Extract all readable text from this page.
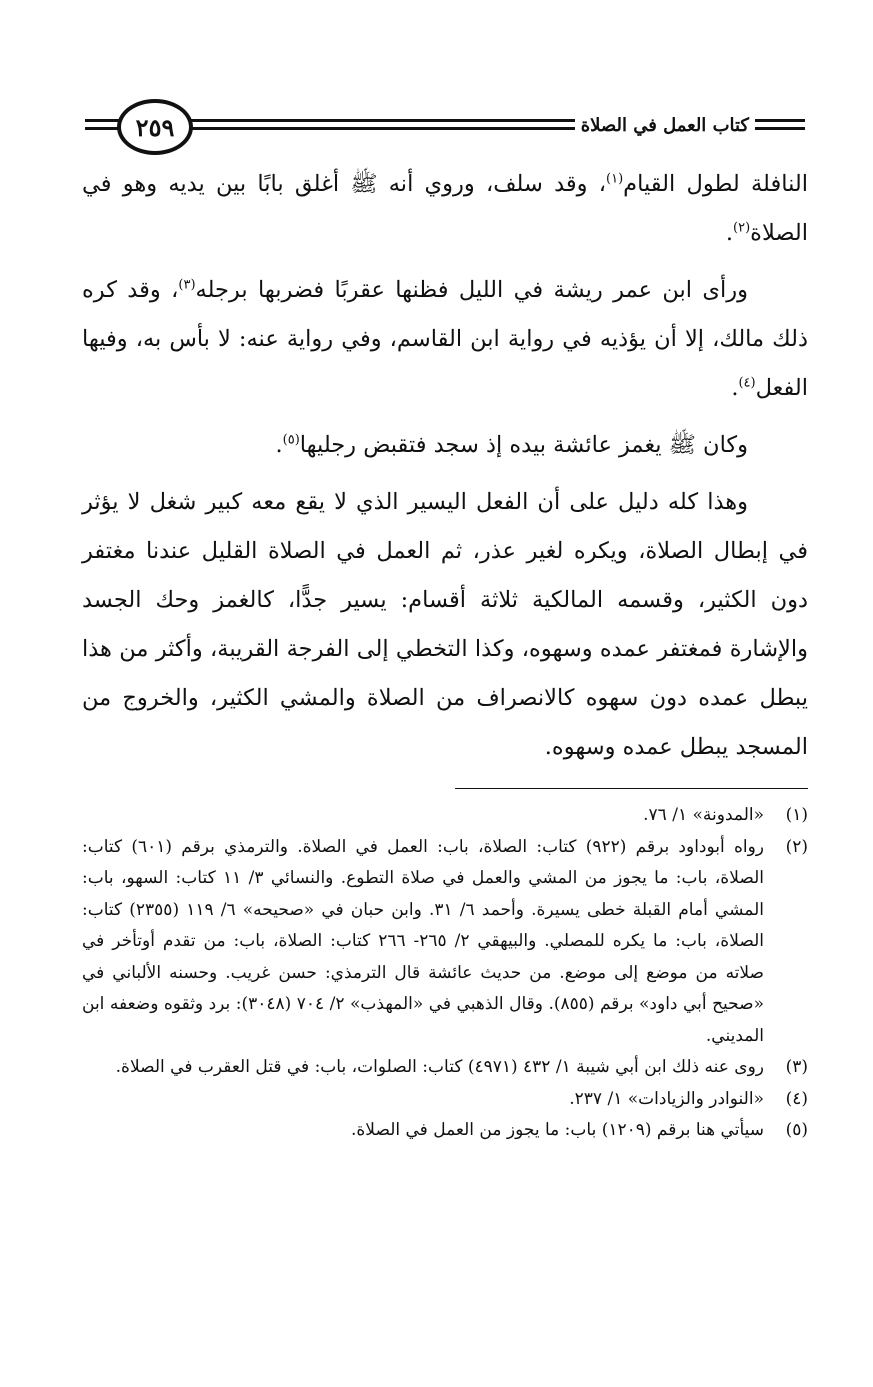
٢٥٩	كتاب العمل في الصلاة

النافلة لطول القيام$^{(١)}$، وقد سلف، وروي أنه ﷺ أغلق بابًا بين يديه وهو في الصلاة$^{(٢)}$.

ورأى ابن عمر ريشة في الليل فظنها عقربًا فضربها برجله$^{(٣)}$، وقد كره ذلك مالك، إلا أن يؤذيه في رواية ابن القاسم، وفي رواية عنه: لا بأس به، وفيها الفعل$^{(٤)}$.

وكان ﷺ يغمز عائشة بيده إذ سجد فتقبض رجليها$^{(٥)}$.

وهذا كله دليل على أن الفعل اليسير الذي لا يقع معه كبير شغل لا يؤثر في إبطال الصلاة، ويكره لغير عذر، ثم العمل في الصلاة القليل عندنا مغتفر دون الكثير، وقسمه المالكية ثلاثة أقسام: يسير جدًّا، كالغمز وحك الجسد والإشارة فمغتفر عمده وسهوه، وكذا التخطي إلى الفرجة القريبة، وأكثر من هذا يبطل عمده دون سهوه كالانصراف من الصلاة والمشي الكثير، والخروج من المسجد يبطل عمده وسهوه.

(١)
«المدونة» ١/ ٧٦.
(٢)
رواه أبوداود برقم (٩٢٢) كتاب: الصلاة، باب: العمل في الصلاة. والترمذي برقم (٦٠١) كتاب: الصلاة، باب: ما يجوز من المشي والعمل في صلاة التطوع. والنسائي ٣/ ١١ كتاب: السهو، باب: المشي أمام القبلة خطى يسيرة. وأحمد ٦/ ٣١. وابن حبان في «صحيحه» ٦/ ١١٩ (٢٣٥٥) كتاب: الصلاة، باب: ما يكره للمصلي. والبيهقي ٢/ ٢٦٥- ٢٦٦ كتاب: الصلاة، باب: من تقدم أوتأخر في صلاته من موضع إلى موضع. من حديث عائشة قال الترمذي: حسن غريب. وحسنه الألباني في «صحيح أبي داود» برقم (٨٥٥). وقال الذهبي في «المهذب» ٢/ ٧٠٤ (٣٠٤٨): برد وثقوه وضعفه ابن المديني.
(٣)
روى عنه ذلك ابن أبي شيبة ١/ ٤٣٢ (٤٩٧١) كتاب: الصلوات، باب: في قتل العقرب في الصلاة.
(٤)
«النوادر والزيادات» ١/ ٢٣٧.
(٥)
سيأتي هنا برقم (١٢٠٩) باب: ما يجوز من العمل في الصلاة.
